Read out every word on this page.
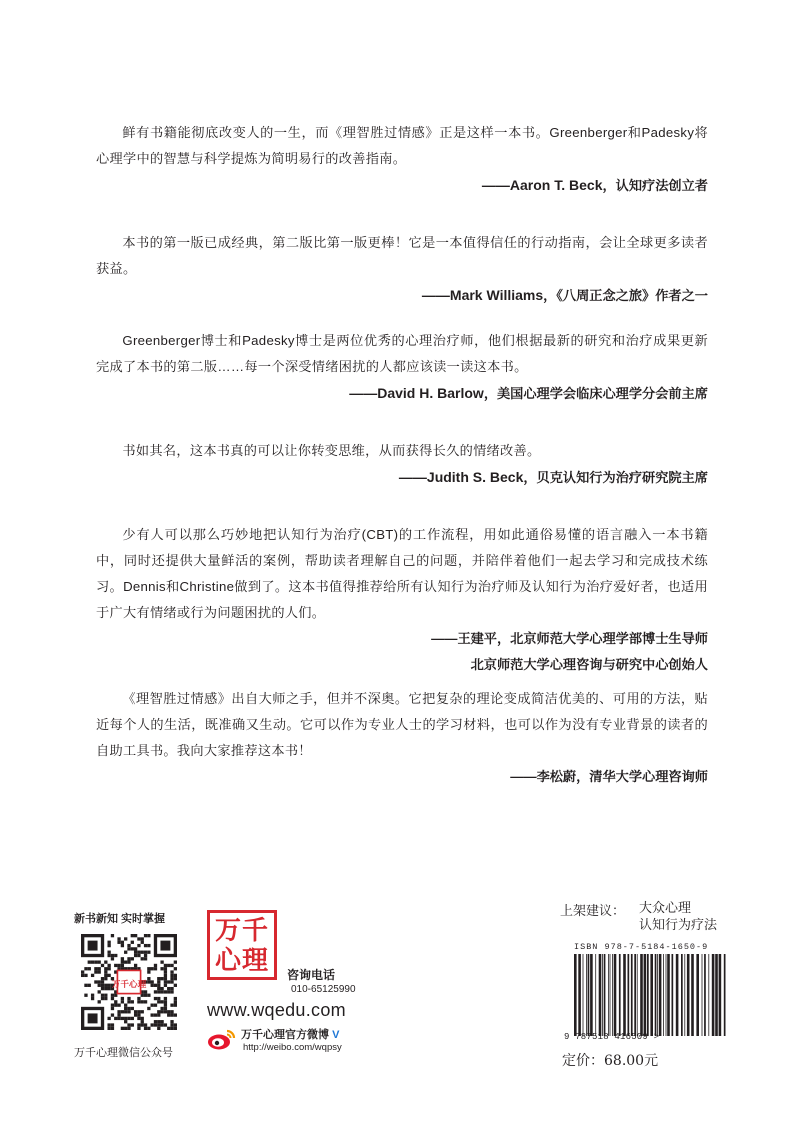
鲜有书籍能彻底改变人的一生，而《理智胜过情感》正是这样一本书。Greenberger和Padesky将心理学中的智慧与科学提炼为简明易行的改善指南。

——Aaron T. Beck，认知疗法创立者

本书的第一版已成经典，第二版比第一版更棒！它是一本值得信任的行动指南，会让全球更多读者获益。

——Mark Williams，《八周正念之旅》作者之一

Greenberger博士和Padesky博士是两位优秀的心理治疗师，他们根据最新的研究和治疗成果更新完成了本书的第二版……每一个深受情绪困扰的人都应该读一读这本书。

——David H. Barlow，美国心理学会临床心理学分会前主席

书如其名，这本书真的可以让你转变思维，从而获得长久的情绪改善。

——Judith S. Beck，贝克认知行为治疗研究院主席

少有人可以那么巧妙地把认知行为治疗(CBT)的工作流程，用如此通俗易懂的语言融入一本书籍中，同时还提供大量鲜活的案例，帮助读者理解自己的问题，并陪伴着他们一起去学习和完成技术练习。Dennis和Christine做到了。这本书值得推荐给所有认知行为治疗师及认知行为治疗爱好者，也适用于广大有情绪或行为问题困扰的人们。

——王建平，北京师范大学心理学部博士生导师
北京师范大学心理咨询与研究中心创始人

《理智胜过情感》出自大师之手，但并不深奥。它把复杂的理论变成简洁优美的、可用的方法，贴近每个人的生活，既准确又生动。它可以作为专业人士的学习材料，也可以作为没有专业背景的读者的自助工具书。我向大家推荐这本书！

——李松蔚，清华大学心理咨询师
新书新知 实时掌握
万千心理
万千心理微信公众号
万千
心理	咨询电话
010-65125990
www.wqedu.com
万千心理官方微博 V
http://weibo.com/wqpsy
上架建议： 大众心理
认知行为疗法
ISBN 978-7-5184-1650-9
9 787518 416509 >
定价：68.00元
